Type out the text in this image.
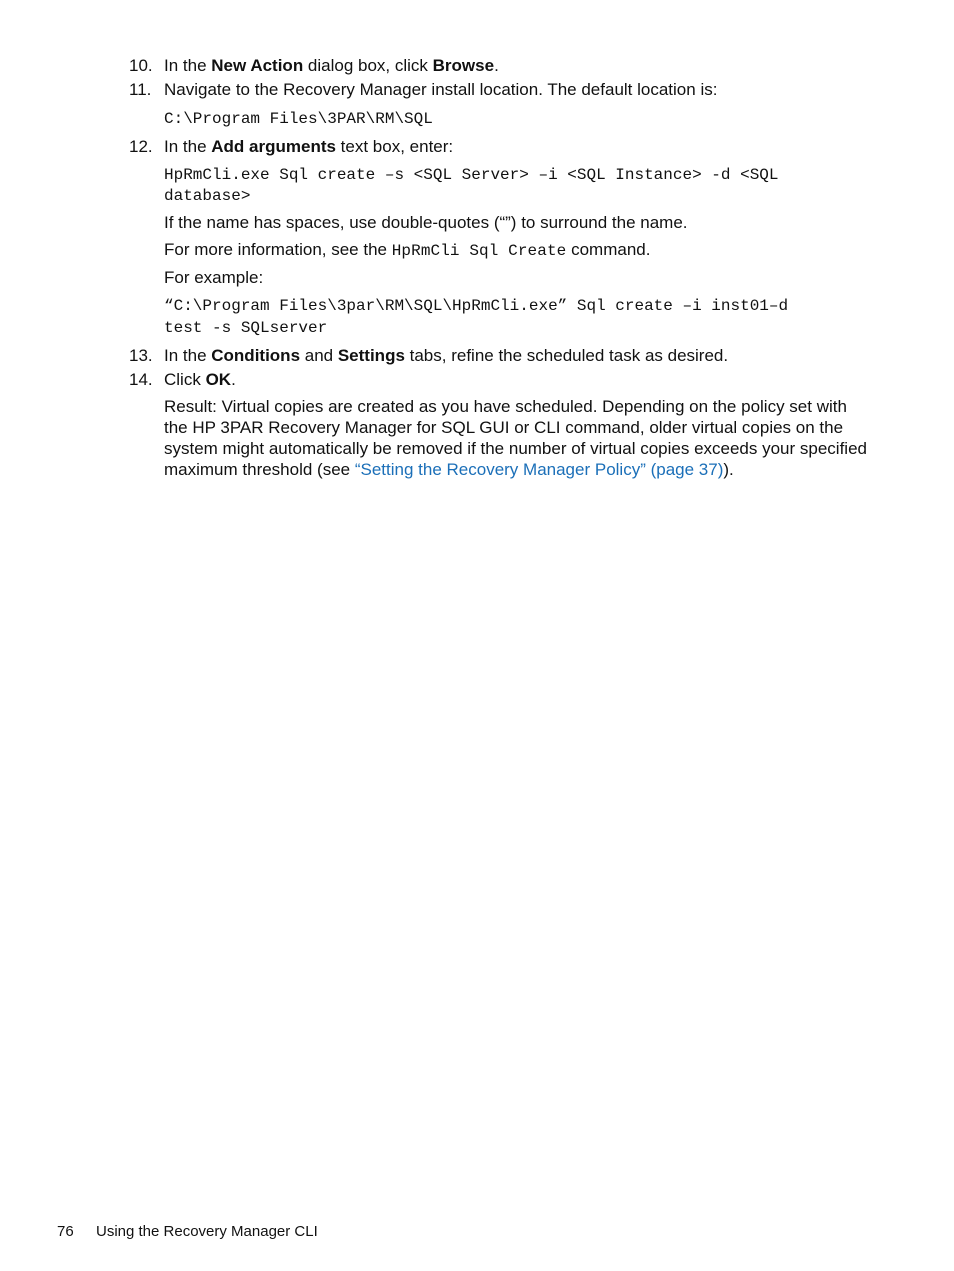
10. In the New Action dialog box, click Browse.
11. Navigate to the Recovery Manager install location. The default location is:
C:\Program Files\3PAR\RM\SQL
12. In the Add arguments text box, enter:
HpRmCli.exe Sql create –s <SQL Server> –i <SQL Instance> -d <SQL
database>
If the name has spaces, use double-quotes (“”) to surround the name.
For more information, see the HpRmCli Sql Create command.
For example:
“C:\Program Files\3par\RM\SQL\HpRmCli.exe” Sql create –i inst01–d
test -s SQLserver
13. In the Conditions and Settings tabs, refine the scheduled task as desired.
14. Click OK.
Result: Virtual copies are created as you have scheduled. Depending on the policy set with
the HP 3PAR Recovery Manager for SQL GUI or CLI command, older virtual copies on the
system might automatically be removed if the number of virtual copies exceeds your specified
maximum threshold (see “Setting the Recovery Manager Policy” (page 37)).
76 Using the Recovery Manager CLI
